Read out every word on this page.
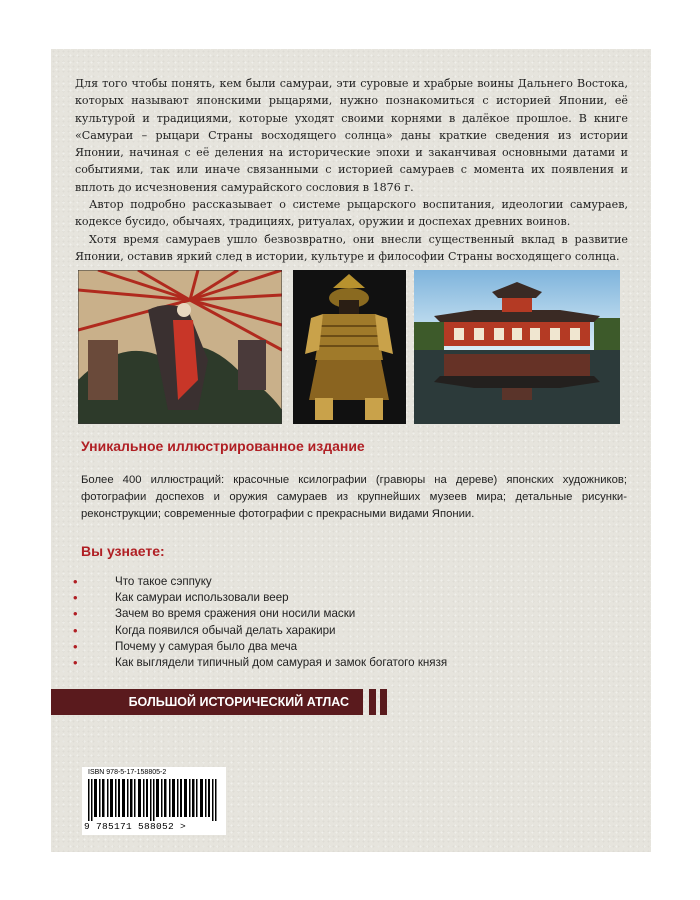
Для того чтобы понять, кем были самураи, эти суровые и храбрые воины Дальнего Востока, которых называют японскими рыцарями, нужно познакомиться с историей Японии, её культурой и традициями, которые уходят своими корнями в далёкое прошлое. В книге «Самураи – рыцари Страны восходящего солнца» даны краткие сведения из истории Японии, начиная с её деления на исторические эпохи и заканчивая основными датами и событиями, так или иначе связанными с историей самураев с момента их появления и вплоть до исчезновения самурайского сословия в 1876 г.

Автор подробно рассказывает о системе рыцарского воспитания, идеологии самураев, кодексе бусидо, обычаях, традициях, ритуалах, оружии и доспехах древних воинов.

Хотя время самураев ушло безвозвратно, они внесли существенный вклад в развитие Японии, оставив яркий след в истории, культуре и философии Страны восходящего солнца.

Уникальное иллюстрированное издание

Более 400 иллюстраций: красочные ксилографии (гравюры на дереве) японских художников; фотографии доспехов и оружия самураев из крупнейших музеев мира; детальные рисунки-реконструкции; современные фотографии с прекрасными видами Японии.

Вы узнаете:
•	Что такое сэппуку
•	Как самураи использовали веер
•	Зачем во время сражения они носили маски
•	Когда появился обычай делать харакири
•	Почему у самурая было два меча
•	Как выглядели типичный дом самурая и замок богатого князя
БОЛЬШОЙ ИСТОРИЧЕСКИЙ АТЛАС
ISBN 978-5-17-158805-2
9 785171 588052 >
